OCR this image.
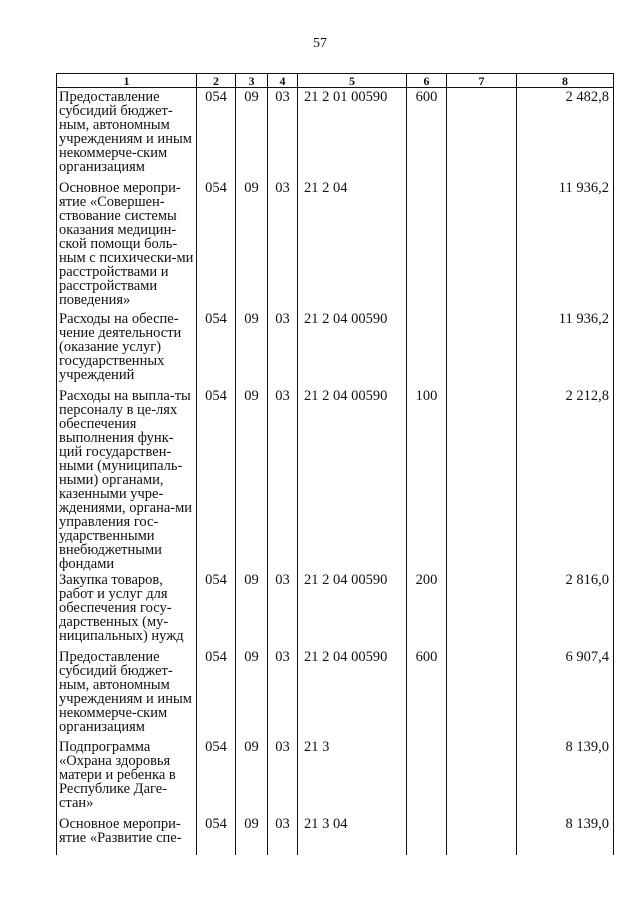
57
1	2	3	4	5	6	7	8
Предоставление субсидий бюджет-ным, автономным учреждениям и иным некоммерче-ским организациям	054	09	03	21 2 01 00590	600		2 482,8
Основное меропри-ятие «Совершен-ствование системы оказания медицин-ской помощи боль-ным с психически-ми расстройствами и расстройствами поведения»	054	09	03	21 2 04			11 936,2
Расходы на обеспе-чение деятельности (оказание услуг) государственных учреждений	054	09	03	21 2 04 00590			11 936,2
Расходы на выпла-ты персоналу в це-лях обеспечения выполнения функ-ций государствен-ными (муниципаль-ными) органами, казенными учре-ждениями, органа-ми управления гос-ударственными внебюджетными фондами	054	09	03	21 2 04 00590	100		2 212,8
Закупка товаров, работ и услуг для обеспечения госу-дарственных (му-ниципальных) нужд	054	09	03	21 2 04 00590	200		2 816,0
Предоставление субсидий бюджет-ным, автономным учреждениям и иным некоммерче-ским организациям	054	09	03	21 2 04 00590	600		6 907,4
Подпрограмма «Охрана здоровья матери и ребенка в Республике Даге-стан»	054	09	03	21 3			8 139,0
Основное меропри-ятие «Развитие спе-	054	09	03	21 3 04			8 139,0
